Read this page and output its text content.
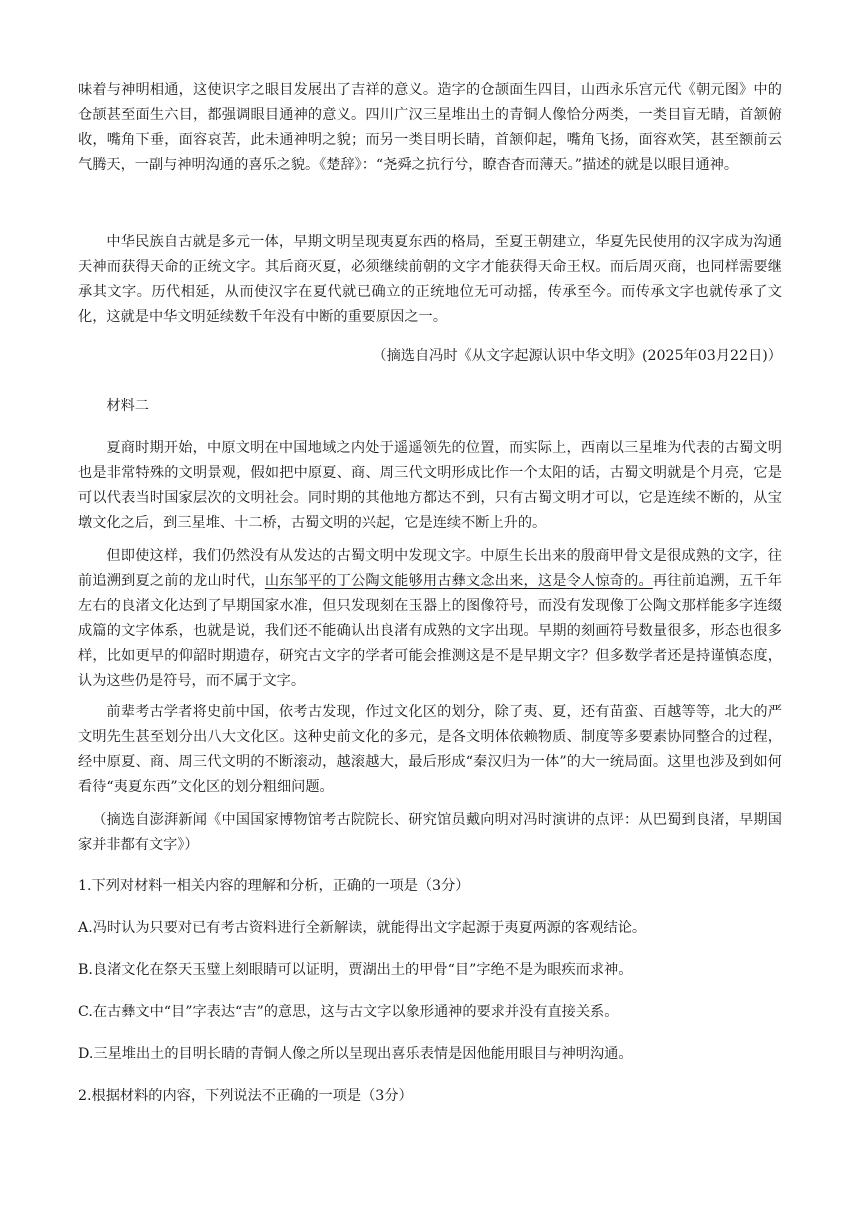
味着与神明相通，这使识字之眼目发展出了吉祥的意义。造字的仓颉面生四目，山西永乐宫元代《朝元图》中的仓颉甚至面生六目，都强调眼目通神的意义。四川广汉三星堆出土的青铜人像恰分两类，一类目盲无睛，首颔俯收，嘴角下垂，面容哀苦，此未通神明之貌；而另一类目明长睛，首颔仰起，嘴角飞扬，面容欢笑，甚至额前云气腾天，一副与神明沟通的喜乐之貌。《楚辞》：“尧舜之抗行兮，瞭杳杳而薄天。”描述的就是以眼目通神。

中华民族自古就是多元一体，早期文明呈现夷夏东西的格局，至夏王朝建立，华夏先民使用的汉字成为沟通天神而获得天命的正统文字。其后商灭夏，必须继续前朝的文字才能获得天命王权。而后周灭商，也同样需要继承其文字。历代相延，从而使汉字在夏代就已确立的正统地位无可动摇，传承至今。而传承文字也就传承了文化，这就是中华文明延续数千年没有中断的重要原因之一。

（摘选自冯时《从文字起源认识中华文明》(2025年03月22日)）

材料二

夏商时期开始，中原文明在中国地域之内处于遥遥领先的位置，而实际上，西南以三星堆为代表的古蜀文明也是非常特殊的文明景观，假如把中原夏、商、周三代文明形成比作一个太阳的话，古蜀文明就是个月亮，它是可以代表当时国家层次的文明社会。同时期的其他地方都达不到，只有古蜀文明才可以，它是连续不断的，从宝墩文化之后，到三星堆、十二桥，古蜀文明的兴起，它是连续不断上升的。

但即使这样，我们仍然没有从发达的古蜀文明中发现文字。中原生长出来的殷商甲骨文是很成熟的文字，往前追溯到夏之前的龙山时代，山东邹平的丁公陶文能够用古彝文念出来，这是令人惊奇的。再往前追溯，五千年左右的良渚文化达到了早期国家水准，但只发现刻在玉器上的图像符号，而没有发现像丁公陶文那样能多字连缀成篇的文字体系，也就是说，我们还不能确认出良渚有成熟的文字出现。早期的刻画符号数量很多，形态也很多样，比如更早的仰韶时期遗存，研究古文字的学者可能会推测这是不是早期文字？但多数学者还是持谨慎态度，认为这些仍是符号，而不属于文字。

前辈考古学者将史前中国，依考古发现，作过文化区的划分，除了夷、夏，还有苗蛮、百越等等，北大的严文明先生甚至划分出八大文化区。这种史前文化的多元，是各文明体依赖物质、制度等多要素协同整合的过程，经中原夏、商、周三代文明的不断滚动，越滚越大，最后形成“秦汉归为一体”的大一统局面。这里也涉及到如何看待“夷夏东西”文化区的划分粗细问题。

（摘选自澎湃新闻《中国国家博物馆考古院院长、研究馆员戴向明对冯时演讲的点评：从巴蜀到良渚，早期国家并非都有文字》）

1.下列对材料一相关内容的理解和分析，正确的一项是（3分）

A.冯时认为只要对已有考古资料进行全新解读，就能得出文字起源于夷夏两源的客观结论。

B.良渚文化在祭天玉璧上刻眼睛可以证明，贾湖出土的甲骨“目”字绝不是为眼疾而求神。

C.在古彝文中“目”字表达“吉”的意思，这与古文字以象形通神的要求并没有直接关系。

D.三星堆出土的目明长睛的青铜人像之所以呈现出喜乐表情是因他能用眼目与神明沟通。

2.根据材料的内容，下列说法不正确的一项是（3分）
